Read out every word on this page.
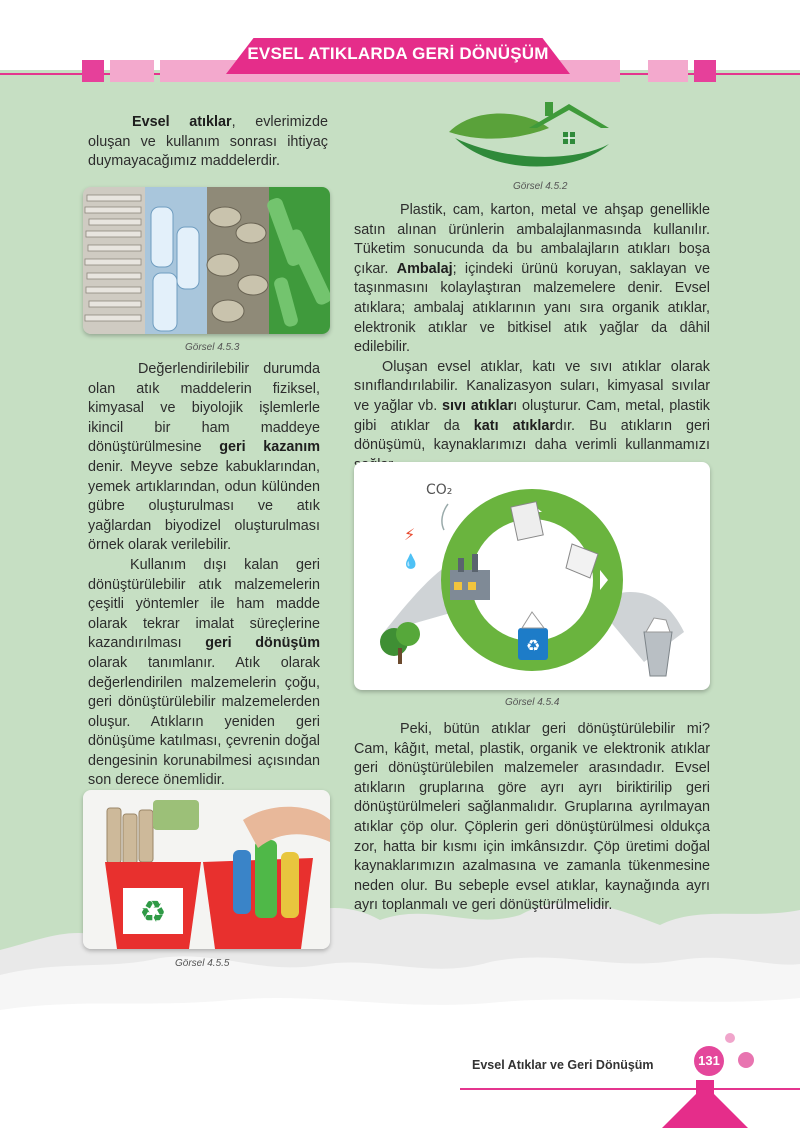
EVSEL ATIKLARDA GERİ DÖNÜŞÜM

Evsel atıklar, evlerimizde oluşan ve kullanım sonrası ihtiyaç duymayacağımız maddelerdir.

Görsel 4.5.3

Değerlendirilebilir durumda olan atık maddelerin fiziksel, kimyasal ve biyolojik işlemlerle ikincil bir ham maddeye dönüştürülmesine geri kazanım denir. Meyve sebze kabuklarından, yemek artıklarından, odun külünden gübre oluşturulması ve atık yağlardan biyodizel oluşturulması örnek olarak verilebilir.

Kullanım dışı kalan geri dönüştürülebilir atık malzemelerin çeşitli yöntemler ile ham madde olarak tekrar imalat süreçlerine kazandırılması geri dönüşüm olarak tanımlanır. Atık olarak değerlendirilen malzemelerin çoğu, geri dönüştürülebilir malzemelerden oluşur. Atıkların yeniden geri dönüşüme katılması, çevrenin doğal dengesinin korunabilmesi açısından son derece önemlidir.

♻
Görsel 4.5.5
Görsel 4.5.2

Plastik, cam, karton, metal ve ahşap genellikle satın alınan ürünlerin ambalajlanmasında kullanılır. Tüketim sonucunda da bu ambalajların atıkları boşa çıkar. Ambalaj; içindeki ürünü koruyan, saklayan ve taşınmasını kolaylaştıran malzemelere denir. Evsel atıklara; ambalaj atıklarının yanı sıra organik atıklar, elektronik atıklar ve bitkisel atık yağlar da dâhil edilebilir.

Oluşan evsel atıklar, katı ve sıvı atıklar olarak sınıflandırılabilir. Kanalizasyon suları, kimyasal sıvılar ve yağlar vb. sıvı atıkları oluşturur. Cam, metal, plastik gibi atıklar da katı atıklardır. Bu atıkların geri dönüşümü, kaynaklarımızı daha verimli kullanmamızı

CO₂
⚡
💧
♻
Görsel 4.5.4

Peki, bütün atıklar geri dönüştürülebilir mi? Cam, kâğıt, metal, plastik, organik ve elektronik atıklar geri dönüştürülebilen malzemeler arasındadır. Evsel atıkların gruplarına göre ayrı ayrı biriktirilip geri dönüştürülmeleri sağlanmalıdır. Gruplarına ayrılmayan atıklar çöp olur. Çöplerin geri dönüştürülmesi oldukça zor, hatta bir kısmı için imkânsızdır. Çöp üretimi doğal kaynaklarımızın azalmasına ve zamanla tükenmesine neden olur. Bu sebeple evsel atıklar, kaynağında ayrı ayrı toplanmalı ve geri dönüştürülmelidir.

Evsel Atıklar ve Geri Dönüşüm	131
